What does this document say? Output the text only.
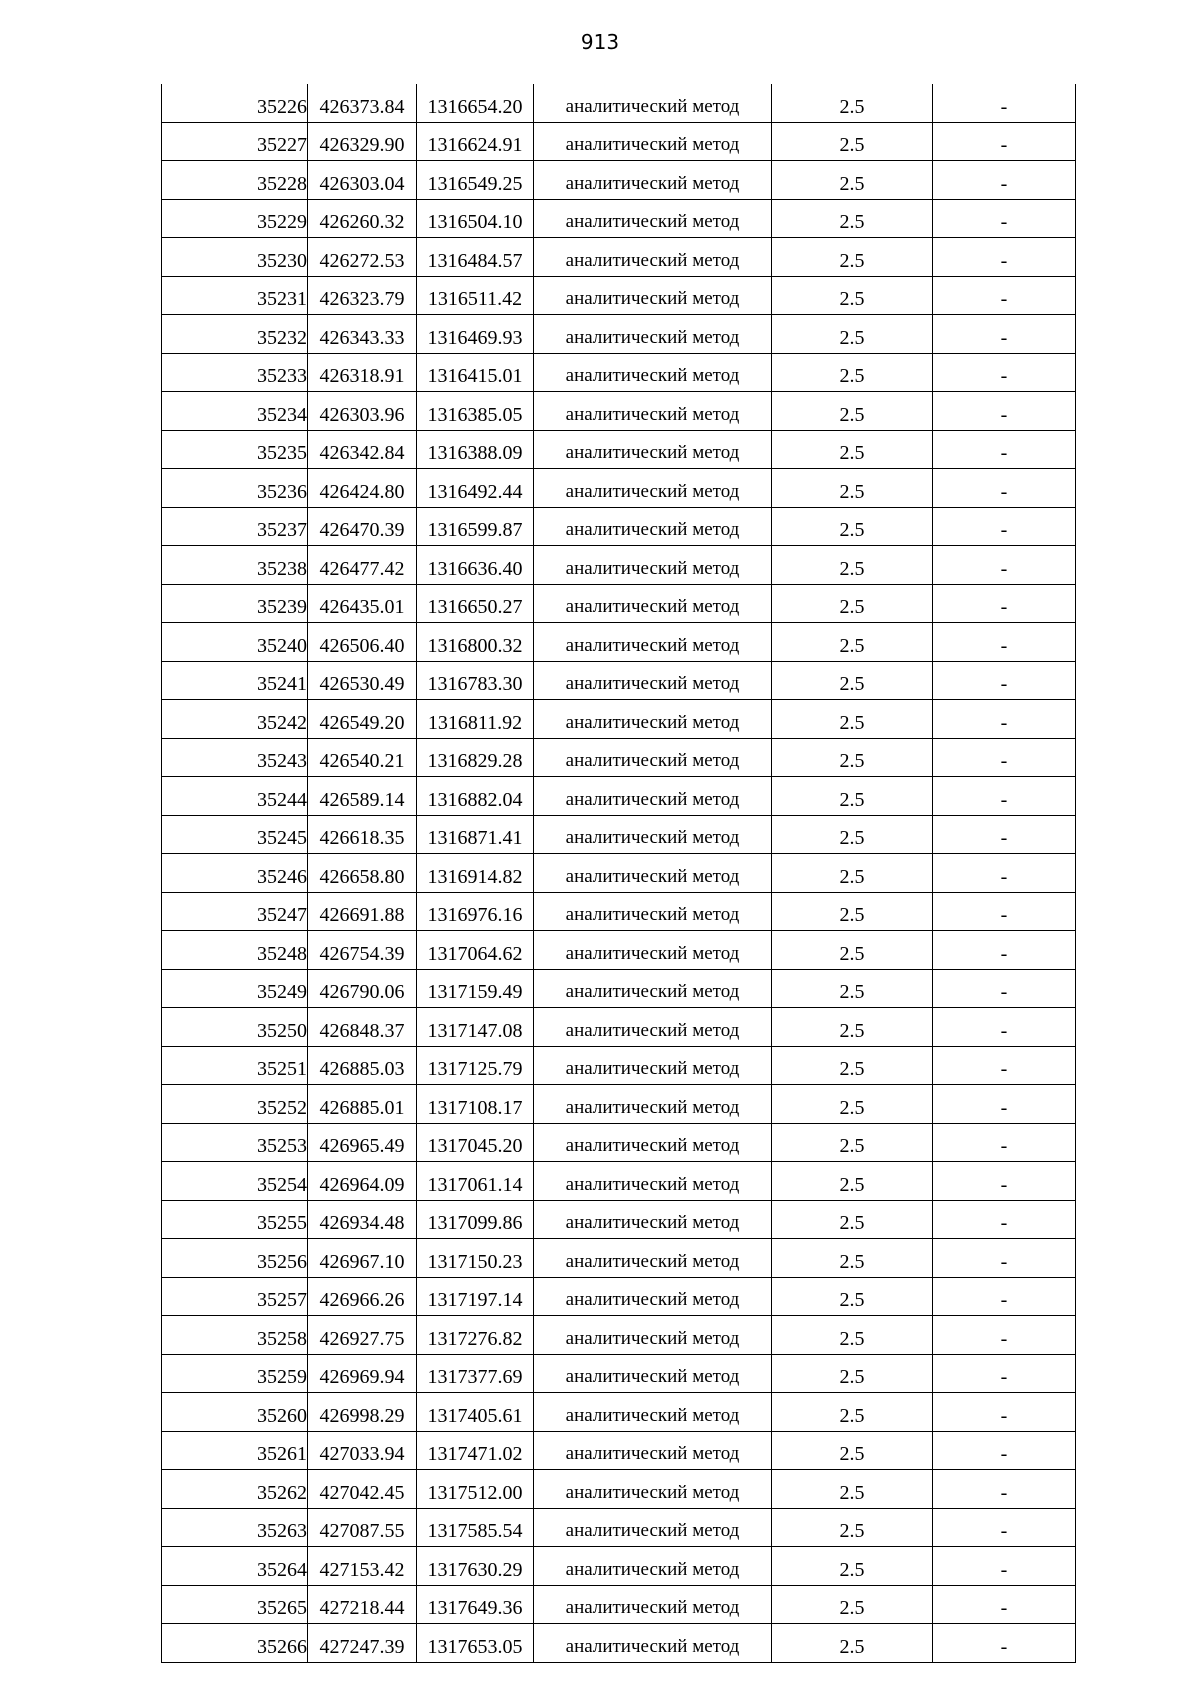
913
35226	426373.84	1316654.20	аналитический метод	2.5	-
35227	426329.90	1316624.91	аналитический метод	2.5	-
35228	426303.04	1316549.25	аналитический метод	2.5	-
35229	426260.32	1316504.10	аналитический метод	2.5	-
35230	426272.53	1316484.57	аналитический метод	2.5	-
35231	426323.79	1316511.42	аналитический метод	2.5	-
35232	426343.33	1316469.93	аналитический метод	2.5	-
35233	426318.91	1316415.01	аналитический метод	2.5	-
35234	426303.96	1316385.05	аналитический метод	2.5	-
35235	426342.84	1316388.09	аналитический метод	2.5	-
35236	426424.80	1316492.44	аналитический метод	2.5	-
35237	426470.39	1316599.87	аналитический метод	2.5	-
35238	426477.42	1316636.40	аналитический метод	2.5	-
35239	426435.01	1316650.27	аналитический метод	2.5	-
35240	426506.40	1316800.32	аналитический метод	2.5	-
35241	426530.49	1316783.30	аналитический метод	2.5	-
35242	426549.20	1316811.92	аналитический метод	2.5	-
35243	426540.21	1316829.28	аналитический метод	2.5	-
35244	426589.14	1316882.04	аналитический метод	2.5	-
35245	426618.35	1316871.41	аналитический метод	2.5	-
35246	426658.80	1316914.82	аналитический метод	2.5	-
35247	426691.88	1316976.16	аналитический метод	2.5	-
35248	426754.39	1317064.62	аналитический метод	2.5	-
35249	426790.06	1317159.49	аналитический метод	2.5	-
35250	426848.37	1317147.08	аналитический метод	2.5	-
35251	426885.03	1317125.79	аналитический метод	2.5	-
35252	426885.01	1317108.17	аналитический метод	2.5	-
35253	426965.49	1317045.20	аналитический метод	2.5	-
35254	426964.09	1317061.14	аналитический метод	2.5	-
35255	426934.48	1317099.86	аналитический метод	2.5	-
35256	426967.10	1317150.23	аналитический метод	2.5	-
35257	426966.26	1317197.14	аналитический метод	2.5	-
35258	426927.75	1317276.82	аналитический метод	2.5	-
35259	426969.94	1317377.69	аналитический метод	2.5	-
35260	426998.29	1317405.61	аналитический метод	2.5	-
35261	427033.94	1317471.02	аналитический метод	2.5	-
35262	427042.45	1317512.00	аналитический метод	2.5	-
35263	427087.55	1317585.54	аналитический метод	2.5	-
35264	427153.42	1317630.29	аналитический метод	2.5	-
35265	427218.44	1317649.36	аналитический метод	2.5	-
35266	427247.39	1317653.05	аналитический метод	2.5	-
